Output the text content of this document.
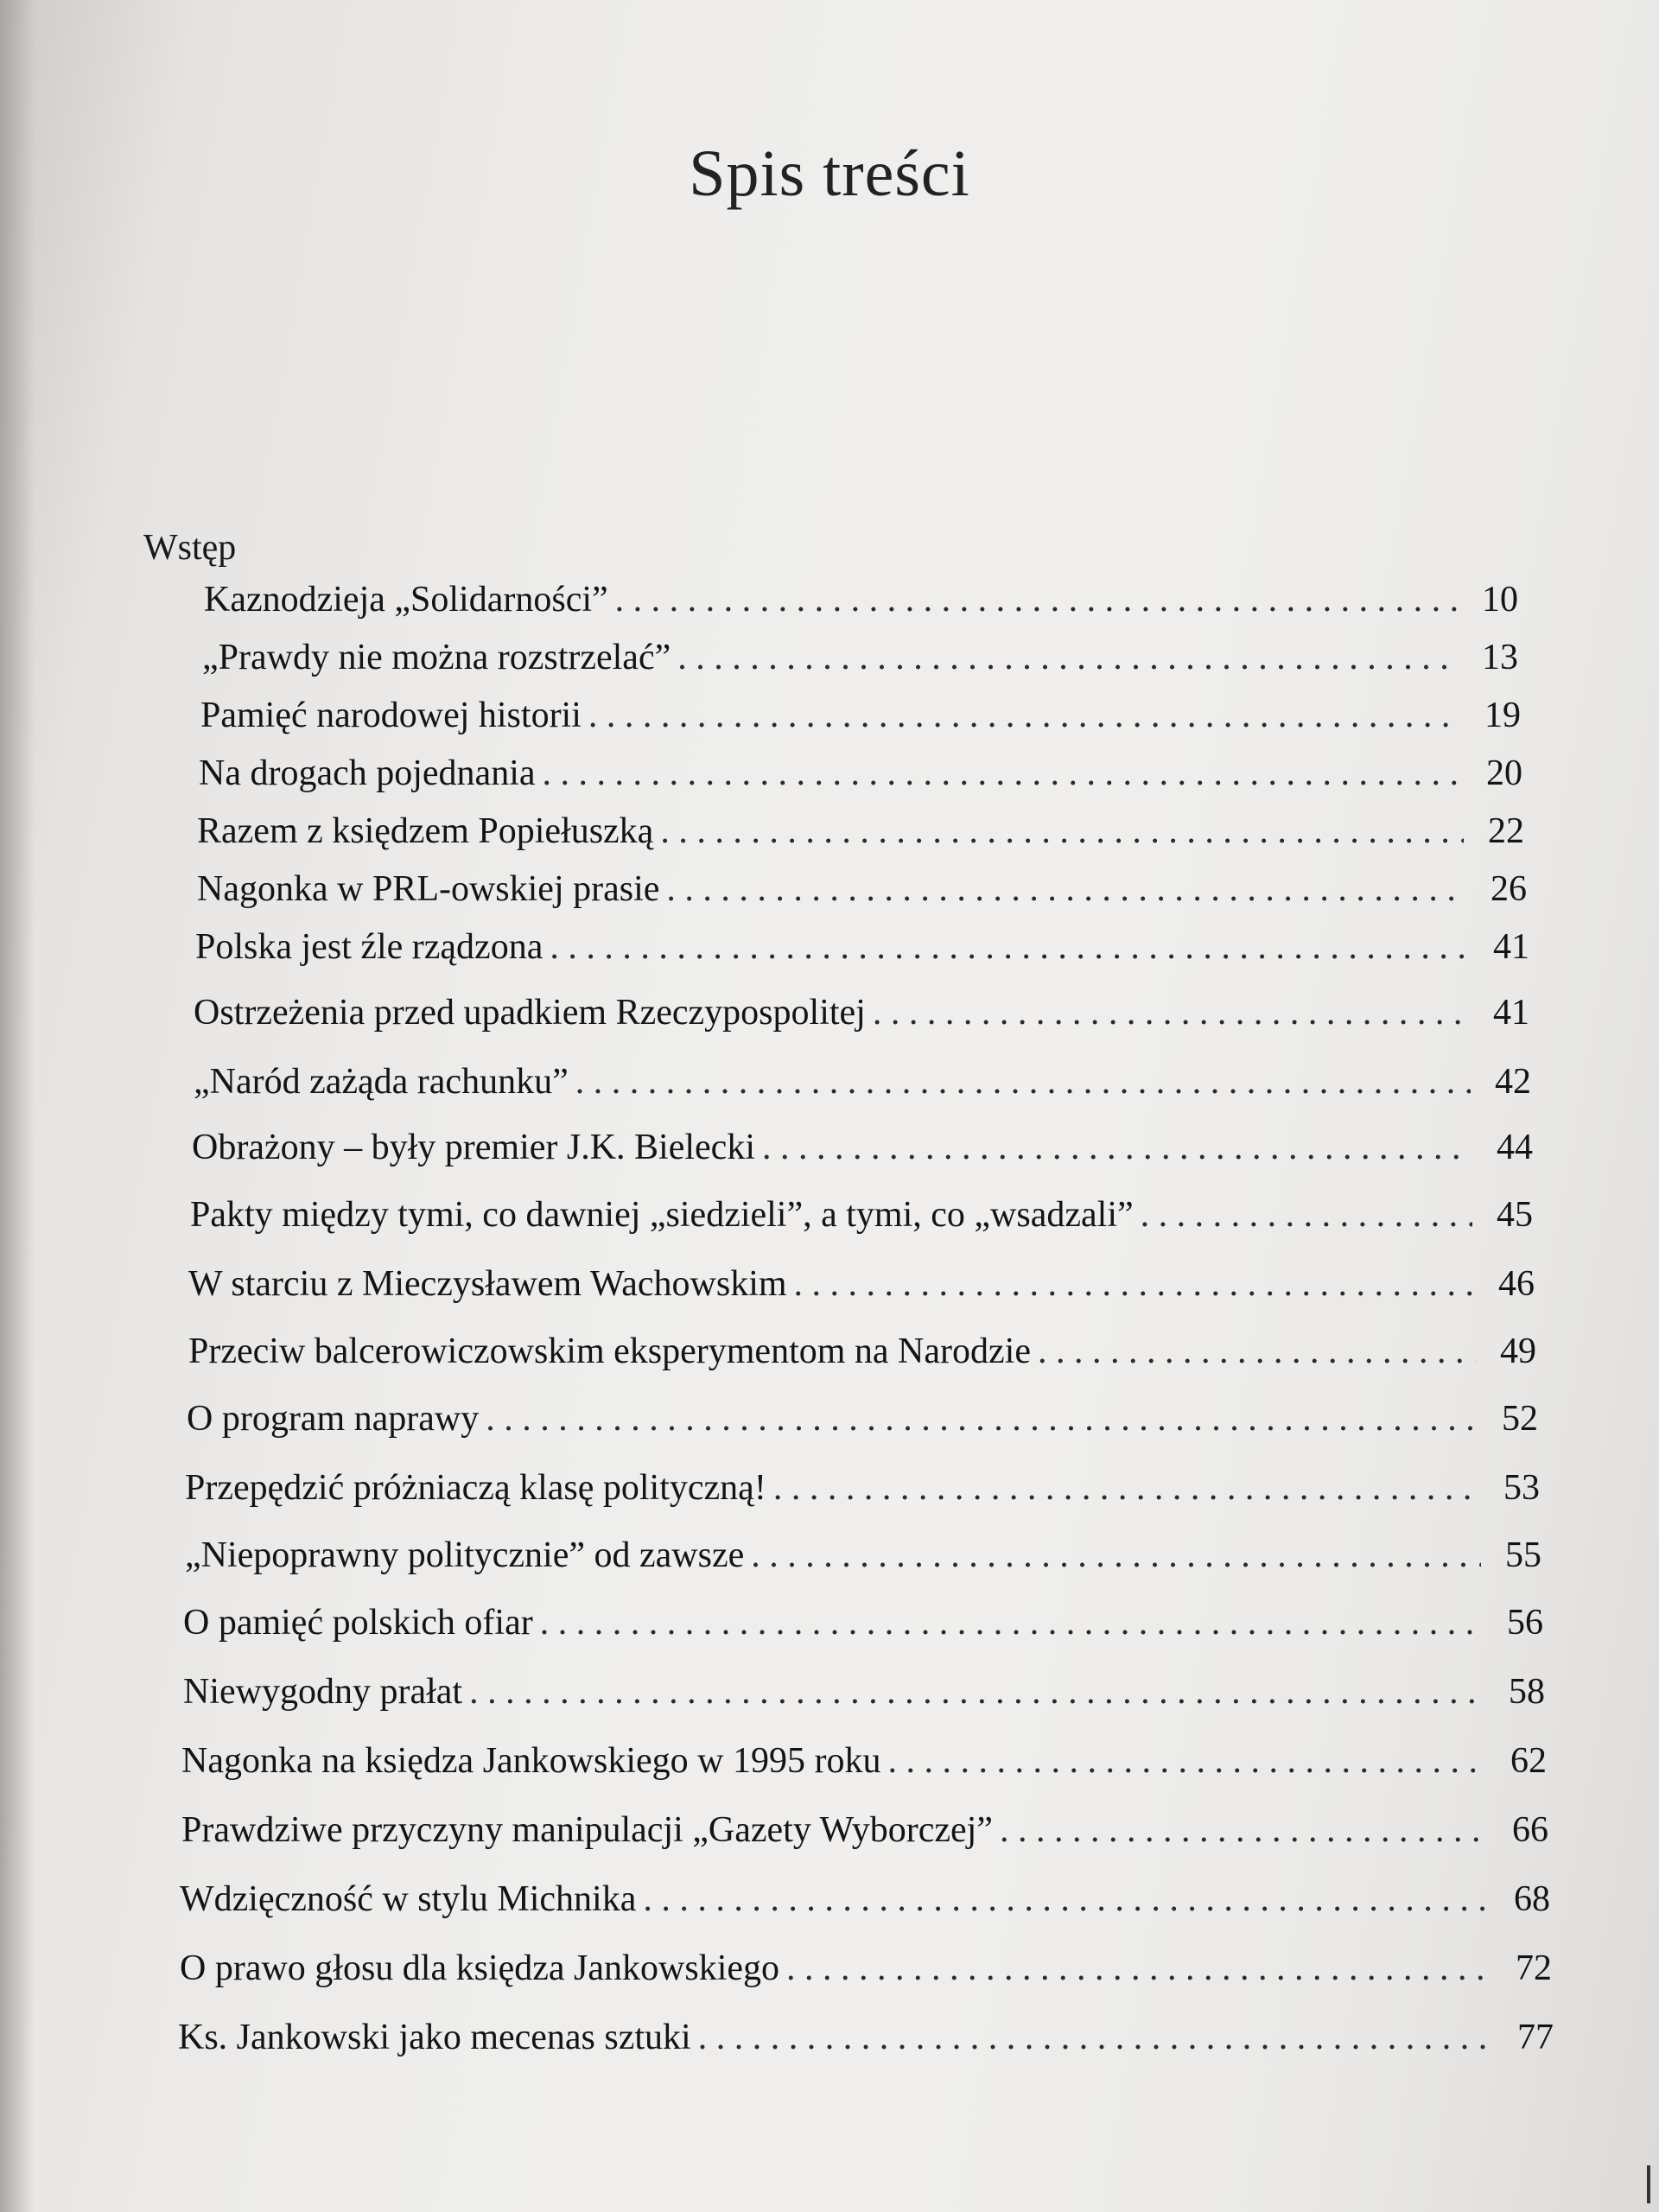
Spis treści
Wstęp
Kaznodzieja „Solidarności” . . .	10
„Prawdy nie można rozstrzelać” . . .	13
Pamięć narodowej historii . . .	19
Na drogach pojednania . . .	20
Razem z księdzem Popiełuszką . . .	22
Nagonka w PRL-owskiej prasie . . .	26
Polska jest źle rządzona . . .	41
Ostrzeżenia przed upadkiem Rzeczypospolitej . . .	41
„Naród zażąda rachunku” . . .	42
Obrażony – były premier J.K. Bielecki . . .	44
Pakty między tymi, co dawniej „siedzieli”, a tymi, co „wsadzali” . . .	45
W starciu z Mieczysławem Wachowskim . . .	46
Przeciw balcerowiczowskim eksperymentom na Narodzie . . .	49
O program naprawy . . .	52
Przepędzić próżniaczą klasę polityczną! . . .	53
„Niepoprawny politycznie” od zawsze . . .	55
O pamięć polskich ofiar . . .	56
Niewygodny prałat . . .	58
Nagonka na księdza Jankowskiego w 1995 roku . . .	62
Prawdziwe przyczyny manipulacji „Gazety Wyborczej” . . .	66
Wdzięczność w stylu Michnika . . .	68
O prawo głosu dla księdza Jankowskiego . . .	72
Ks. Jankowski jako mecenas sztuki . . .	77
